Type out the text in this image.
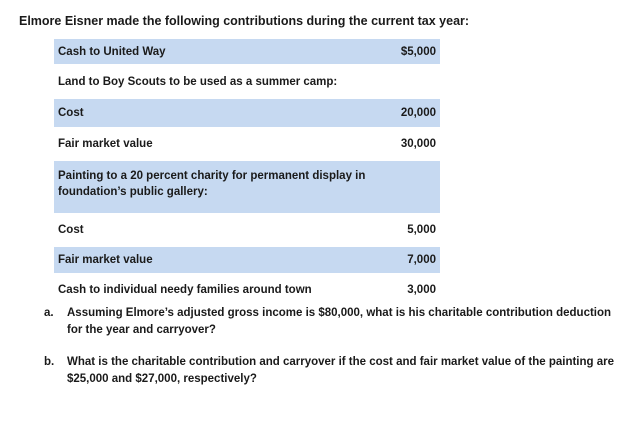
Elmore Eisner made the following contributions during the current tax year:
Cash to United Way	$5,000
Land to Boy Scouts to be used as a summer camp:
Cost	20,000
Fair market value	30,000
Painting to a 20 percent charity for permanent display in foundation’s public gallery:
Cost	5,000
Fair market value	7,000
Cash to individual needy families around town	3,000
a.	Assuming Elmore’s adjusted gross income is $80,000, what is his charitable contribution deduction for the year and carryover?
b.	What is the charitable contribution and carryover if the cost and fair market value of the painting are $25,000 and $27,000, respectively?
